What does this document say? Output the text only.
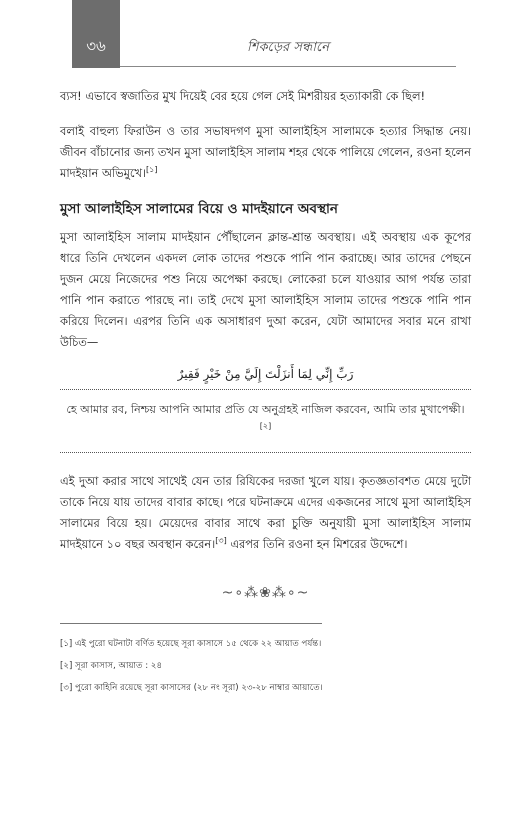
৩৬	শিকড়ের সন্ধানে

ব্যস! এভাবে স্বজাতির মুখ দিয়েই বের হয়ে গেল সেই মিশরীয়র হত্যাকারী কে ছিল!

বলাই বাহুল্য ফিরাউন ও তার সভাষদগণ মুসা আলাইহিস সালামকে হত্যার সিদ্ধান্ত নেয়। জীবন বাঁচানোর জন্য তখন মুসা আলাইহিস সালাম শহর থেকে পালিয়ে গেলেন, রওনা হলেন মাদইয়ান অভিমুখে।[১]

মুসা আলাইহিস সালামের বিয়ে ও মাদইয়ানে অবস্থান

মুসা আলাইহিস সালাম মাদইয়ান পৌঁছালেন ক্লান্ত-শ্রান্ত অবস্থায়। এই অবস্থায় এক কূপের ধারে তিনি দেখলেন একদল লোক তাদের পশুকে পানি পান করাচ্ছে। আর তাদের পেছনে দুজন মেয়ে নিজেদের পশু নিয়ে অপেক্ষা করছে। লোকেরা চলে যাওয়ার আগ পর্যন্ত তারা পানি পান করাতে পারছে না। তাই দেখে মুসা আলাইহিস সালাম তাদের পশুকে পানি পান করিয়ে দিলেন। এরপর তিনি এক অসাধারণ দুআ করেন, যেটা আমাদের সবার মনে রাখা উচিত—

رَبِّ إِنِّي لِمَا أَنزَلْتَ إِلَيَّ مِنْ خَيْرٍ فَقِيرٌ

হে আমার রব, নিশ্চয় আপনি আমার প্রতি যে অনুগ্রহই নাজিল করবেন, আমি তার মুখাপেক্ষী।[২]

এই দুআ করার সাথে সাথেই যেন তার রিযিকের দরজা খুলে যায়। কৃতজ্ঞতাবশত মেয়ে দুটো তাকে নিয়ে যায় তাদের বাবার কাছে। পরে ঘটনাক্রমে এদের একজনের সাথে মুসা আলাইহিস সালামের বিয়ে হয়। মেয়েদের বাবার সাথে করা চুক্তি অনুযায়ী মুসা আলাইহিস সালাম মাদইয়ানে ১০ বছর অবস্থান করেন।[৩] এরপর তিনি রওনা হন মিশরের উদ্দেশে।

~∘⁂❀⁂∘~
[১] এই পুরো ঘটনাটা বর্ণিত হয়েছে সূরা কাসাসে ১৫ থেকে ২২ আয়াত পর্যন্ত।
[২] সূরা কাসাস, আয়াত : ২৪
[৩] পুরো কাহিনি রয়েছে সূরা কাসাসের (২৮ নং সূরা) ২৩-২৮ নাম্বার আয়াতে।
